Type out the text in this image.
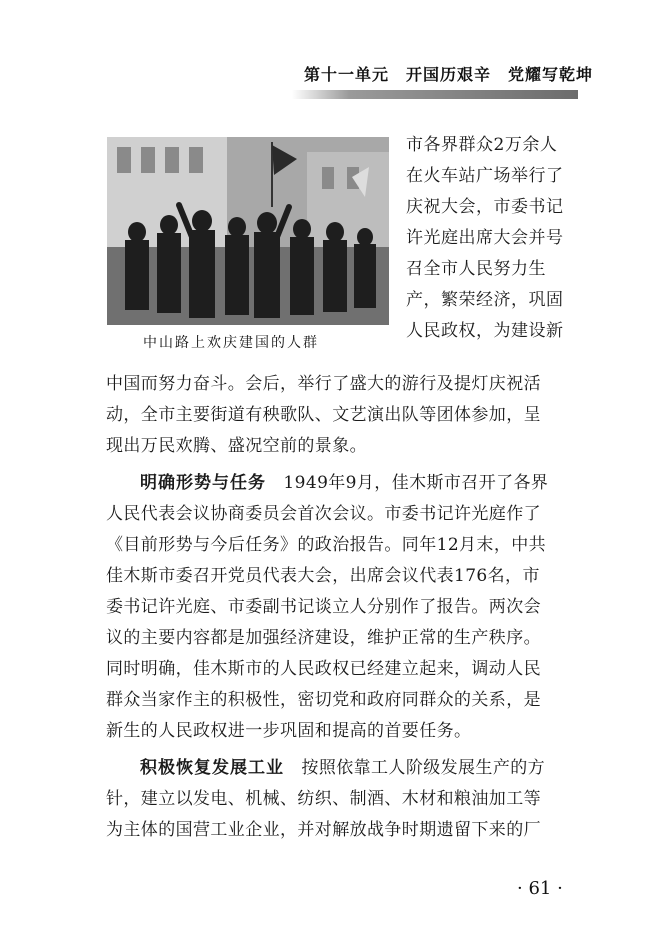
第十一单元　开国历艰辛　党耀写乾坤
中山路上欢庆建国的人群
市各界群众2万余人
在火车站广场举行了
庆祝大会，市委书记
许光庭出席大会并号
召全市人民努力生
产，繁荣经济，巩固
人民政权，为建设新
中国而努力奋斗。会后，举行了盛大的游行及提灯庆祝活
动，全市主要街道有秧歌队、文艺演出队等团体参加，呈
现出万民欢腾、盛况空前的景象。
明确形势与任务 1949年9月，佳木斯市召开了各界
人民代表会议协商委员会首次会议。市委书记许光庭作了
《目前形势与今后任务》的政治报告。同年12月末，中共
佳木斯市委召开党员代表大会，出席会议代表176名，市
委书记许光庭、市委副书记谈立人分别作了报告。两次会
议的主要内容都是加强经济建设，维护正常的生产秩序。
同时明确，佳木斯市的人民政权已经建立起来，调动人民
群众当家作主的积极性，密切党和政府同群众的关系，是
新生的人民政权进一步巩固和提高的首要任务。
积极恢复发展工业 按照依靠工人阶级发展生产的方
针，建立以发电、机械、纺织、制酒、木材和粮油加工等
为主体的国营工业企业，并对解放战争时期遗留下来的厂
· 61 ·
